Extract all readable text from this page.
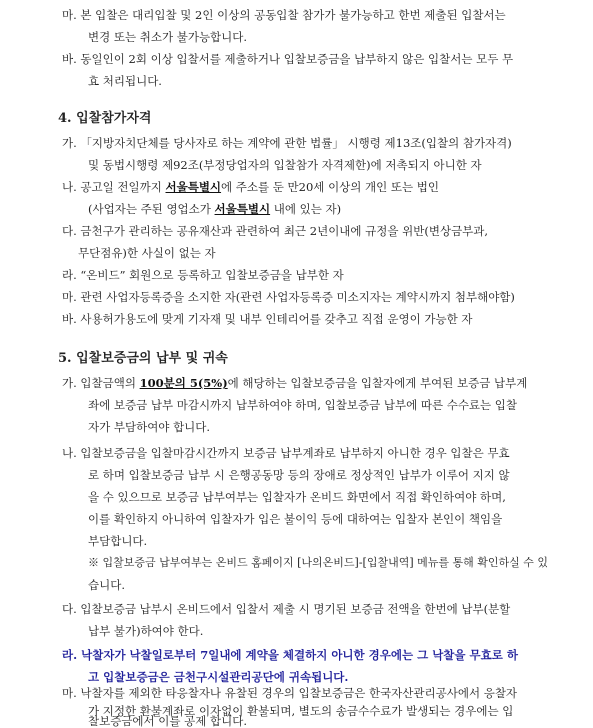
마. 본 입찰은 대리입찰 및 2인 이상의 공동입찰 참가가 불가능하고 한번 제출된 입찰서는
변경 또는 취소가 불가능합니다.
바. 동일인이 2회 이상 입찰서를 제출하거나 입찰보증금을 납부하지 않은 입찰서는 모두 무
효 처리됩니다.
4. 입찰참가자격
가. 「지방자치단체를 당사자로 하는 계약에 관한 법률」 시행령 제13조(입찰의 참가자격)
및 동법시행령 제92조(부정당업자의 입찰참가 자격제한)에 저촉되지 아니한 자
나. 공고일 전일까지 서울특별시에 주소를 둔 만20세 이상의 개인 또는 법인
(사업자는 주된 영업소가 서울특별시 내에 있는 자)
다. 금천구가 관리하는 공유재산과 관련하여 최근 2년이내에 규정을 위반(변상금부과,
무단점유)한 사실이 없는 자
라. “온비드” 회원으로 등록하고 입찰보증금을 납부한 자
마. 관련 사업자등록증을 소지한 자(관련 사업자등록증 미소지자는 계약시까지 첨부해야함)
바. 사용허가용도에 맞게 기자재 및 내부 인테리어를 갖추고 직접 운영이 가능한 자
5. 입찰보증금의 납부 및 귀속
가. 입찰금액의 100분의 5(5%)에 해당하는 입찰보증금을 입찰자에게 부여된 보증금 납부계
좌에 보증금 납부 마감시까지 납부하여야 하며, 입찰보증금 납부에 따른 수수료는 입찰
자가 부담하여야 합니다.
나. 입찰보증금을 입찰마감시간까지 보증금 납부계좌로 납부하지 아니한 경우 입찰은 무효
로 하며 입찰보증금 납부 시 은행공동망 등의 장애로 정상적인 납부가 이루어 지지 않
을 수 있으므로 보증금 납부여부는 입찰자가 온비드 화면에서 직접 확인하여야 하며,
이를 확인하지 아니하여 입찰자가 입은 불이익 등에 대하여는 입찰자 본인이 책임을
부담합니다.
※ 입찰보증금 납부여부는 온비드 홈페이지 [나의온비드]-[입찰내역] 메뉴를 통해 확인하실 수 있
습니다.
다. 입찰보증금 납부시 온비드에서 입찰서 제출 시 명기된 보증금 전액을 한번에 납부(분할
납부 불가)하여야 한다.
라. 낙찰자가 낙찰일로부터 7일내에 계약을 체결하지 아니한 경우에는 그 낙찰을 무효로 하
고 입찰보증금은 금천구시설관리공단에 귀속됩니다.
마. 낙찰자를 제외한 타응찰자나 유찰된 경우의 입찰보증금은 한국자산관리공사에서 응찰자
가 지정한 환불계좌로 이자없이 환불되며, 별도의 송금수수료가 발생되는 경우에는 입
찰보증금에서 이를 공제 합니다.
